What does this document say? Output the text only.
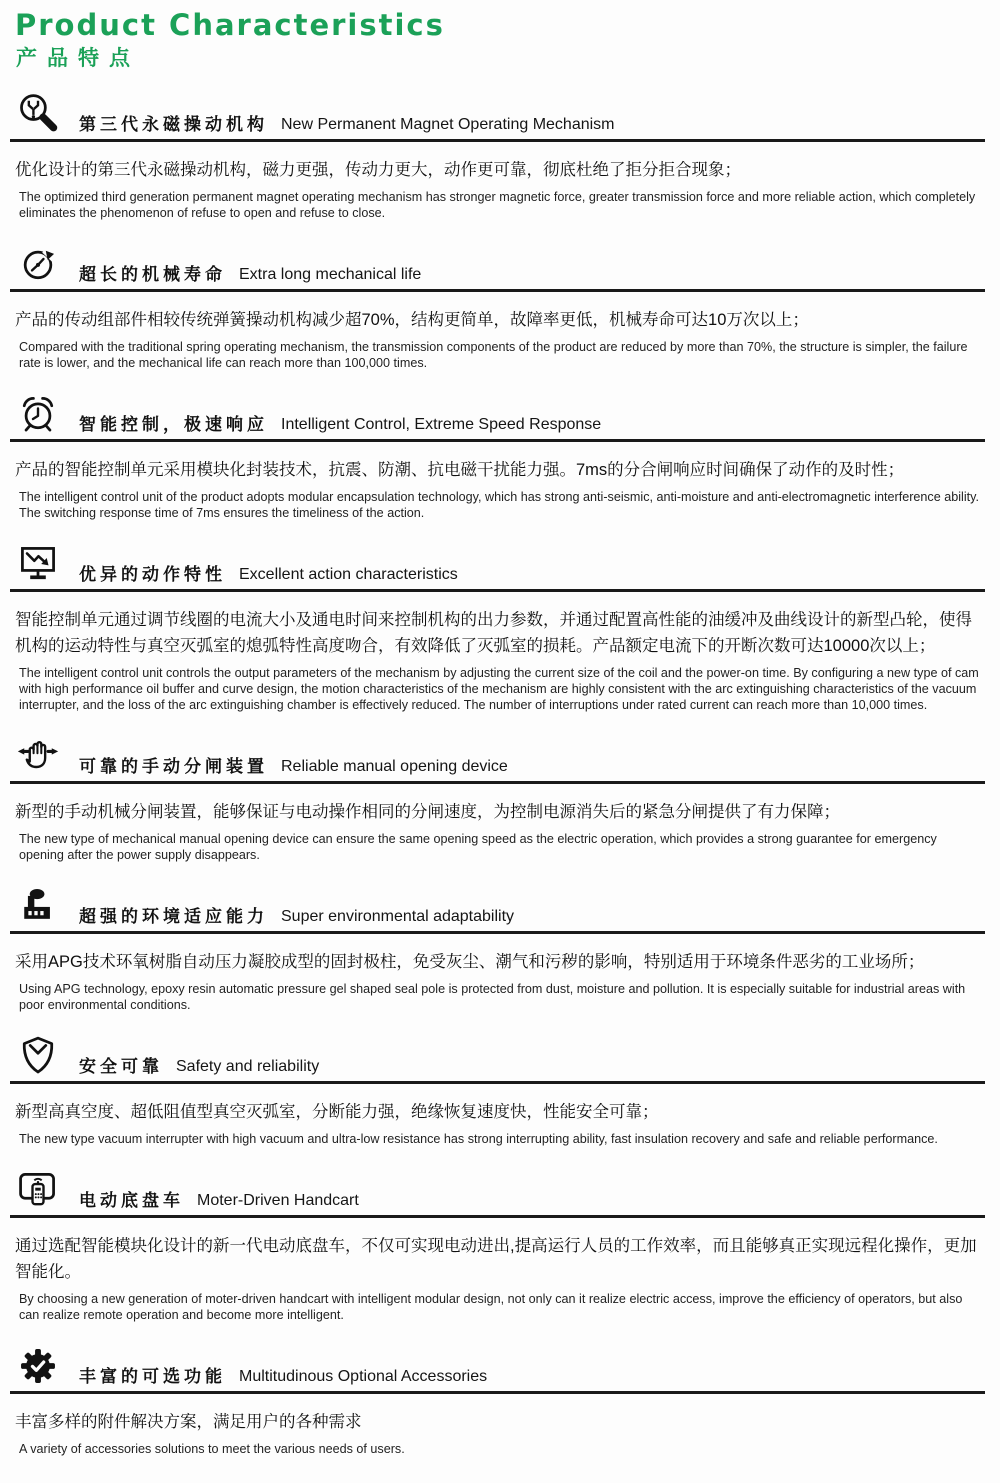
Product Characteristics
产品特点
第三代永磁操动机构 New Permanent Magnet Operating Mechanism

优化设计的第三代永磁操动机构，磁力更强，传动力更大，动作更可靠，彻底杜绝了拒分拒合现象；

The optimized third generation permanent magnet operating mechanism has stronger magnetic force, greater transmission force and more reliable action, which completely eliminates the phenomenon of refuse to open and refuse to close.

超长的机械寿命 Extra long mechanical life

产品的传动组部件相较传统弹簧操动机构减少超70%，结构更简单，故障率更低，机械寿命可达10万次以上；

Compared with the traditional spring operating mechanism, the transmission components of the product are reduced by more than 70%, the structure is simpler, the failure rate is lower, and the mechanical life can reach more than 100,000 times.

智能控制，极速响应 Intelligent Control, Extreme Speed Response

产品的智能控制单元采用模块化封装技术，抗震、防潮、抗电磁干扰能力强。7ms的分合闸响应时间确保了动作的及时性；

The intelligent control unit of the product adopts modular encapsulation technology, which has strong anti-seismic, anti-moisture and anti-electromagnetic interference ability. The switching response time of 7ms ensures the timeliness of the action.

优异的动作特性 Excellent action characteristics

智能控制单元通过调节线圈的电流大小及通电时间来控制机构的出力参数，并通过配置高性能的油缓冲及曲线设计的新型凸轮，使得机构的运动特性与真空灭弧室的熄弧特性高度吻合，有效降低了灭弧室的损耗。产品额定电流下的开断次数可达10000次以上；

The intelligent control unit controls the output parameters of the mechanism by adjusting the current size of the coil and the power-on time. By configuring a new type of cam with high performance oil buffer and curve design, the motion characteristics of the mechanism are highly consistent with the arc extinguishing characteristics of the vacuum interrupter, and the loss of the arc extinguishing chamber is effectively reduced. The number of interruptions under rated current can reach more than 10,000 times.

可靠的手动分闸装置 Reliable manual opening device

新型的手动机械分闸装置，能够保证与电动操作相同的分闸速度，为控制电源消失后的紧急分闸提供了有力保障；

The new type of mechanical manual opening device can ensure the same opening speed as the electric operation, which provides a strong guarantee for emergency opening after the power supply disappears.

超强的环境适应能力 Super environmental adaptability

采用APG技术环氧树脂自动压力凝胶成型的固封极柱，免受灰尘、潮气和污秽的影响，特别适用于环境条件恶劣的工业场所；

Using APG technology, epoxy resin automatic pressure gel shaped seal pole is protected from dust, moisture and pollution. It is especially suitable for industrial areas with poor environmental conditions.

安全可靠 Safety and reliability

新型高真空度、超低阻值型真空灭弧室，分断能力强，绝缘恢复速度快，性能安全可靠；

The new type vacuum interrupter with high vacuum and ultra-low resistance has strong interrupting ability, fast insulation recovery and safe and reliable performance.

电动底盘车 Moter-Driven Handcart

通过选配智能模块化设计的新一代电动底盘车，不仅可实现电动进出,提高运行人员的工作效率，而且能够真正实现远程化操作，更加智能化。

By choosing a new generation of moter-driven handcart with intelligent modular design, not only can it realize electric access, improve the efficiency of operators, but also can realize remote operation and become more intelligent.

丰富的可选功能 Multitudinous Optional Accessories

丰富多样的附件解决方案，满足用户的各种需求

A variety of accessories solutions to meet the various needs of users.
